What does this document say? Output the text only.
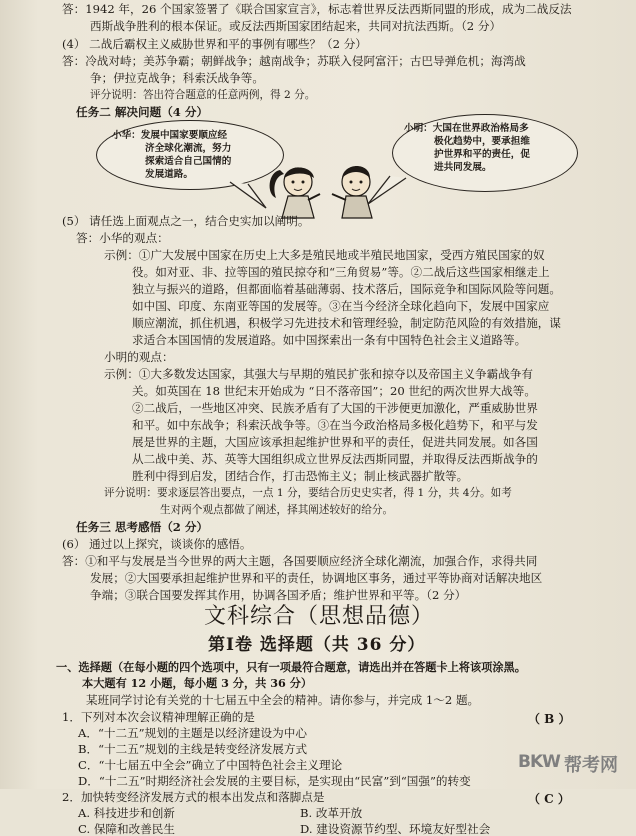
答：1942 年，26 个国家签署了《联合国家宣言》，标志着世界反法西斯同盟的形成，成为二战反法
西斯战争胜利的根本保证。或反法西斯国家团结起来，共同对抗法西斯。（2 分）
(4） 二战后霸权主义威胁世界和平的事例有哪些？（2 分）
答：冷战对峙；美苏争霸；朝鲜战争；越南战争；苏联入侵阿富汗；古巴导弹危机；海湾战
争；伊拉克战争；科索沃战争等。
评分说明：答出符合题意的任意两例，得 2 分。
任务二 解决问题（4 分）
小华：发展中国家要顺应经
济全球化潮流，努力
探索适合自己国情的
发展道路。
小明：大国在世界政治格局多
极化趋势中，要承担维
护世界和平的责任，促
进共同发展。
(5） 请任选上面观点之一，结合史实加以阐明。
答：小华的观点：
示例：①广大发展中国家在历史上大多是殖民地或半殖民地国家，受西方殖民国家的奴
役。如对亚、非、拉等国的殖民掠夺和“三角贸易”等。②二战后这些国家相继走上
独立与振兴的道路，但都面临着基础薄弱、技术落后，国际竞争和国际风险等问题。
如中国、印度、东南亚等国的发展等。③在当今经济全球化趋向下，发展中国家应
顺应潮流，抓住机遇，积极学习先进技术和管理经验，制定防范风险的有效措施，谋
求适合本国国情的发展道路。如中国探索出一条有中国特色社会主义道路等。
小明的观点：
示例：①大多数发达国家，其强大与早期的殖民扩张和掠夺以及帝国主义争霸战争有
关。如英国在 18 世纪末开始成为 “日不落帝国”；20 世纪的两次世界大战等。
②二战后，一些地区冲突、民族矛盾有了大国的干涉便更加激化，严重威胁世界
和平。如中东战争；科索沃战争等。③在当今政治格局多极化趋势下，和平与发
展是世界的主题，大国应该承担起维护世界和平的责任，促进共同发展。如各国
从二战中美、苏、英等大国组织成立世界反法西斯同盟，并取得反法西斯战争的
胜利中得到启发，团结合作，打击恐怖主义；制止核武器扩散等。
评分说明：要求逐层答出要点，一点 1 分，要结合历史史实者，得 1 分，共 4分。如考
生对两个观点都做了阐述，择其阐述较好的给分。
任务三 思考感悟（2 分）
(6） 通过以上探究，谈谈你的感悟。
答：①和平与发展是当今世界的两大主题，各国要顺应经济全球化潮流，加强合作，求得共同
发展；②大国要承担起维护世界和平的责任，协调地区事务，通过平等协商对话解决地区
争端；③联合国要发挥其作用，协调各国矛盾；维护世界和平等。（2 分）
文科综合（思想品德）
第Ⅰ卷 选择题（共 36 分）
一、选择题（在每小题的四个选项中，只有一项最符合题意，请选出并在答题卡上将该项涂黑。
本大题有 12 小题，每小题 3 分，共 36 分）
某班同学讨论有关党的十七届五中全会的精神。请你参与，并完成 1～2 题。
1．下列对本次会议精神理解正确的是	（ B ）
A．“十二五”规划的主题是以经济建设为中心
B．“十二五”规划的主线是转变经济发展方式
C．“十七届五中全会”确立了中国特色社会主义理论
D．“十二五”时期经济社会发展的主要目标，是实现由“民富”到“国强”的转变
2．加快转变经济发展方式的根本出发点和落脚点是	（ C ）
A. 科技进步和创新	B. 改革开放
C. 保障和改善民生	D. 建设资源节约型、环境友好型社会
BKW 帮考网
